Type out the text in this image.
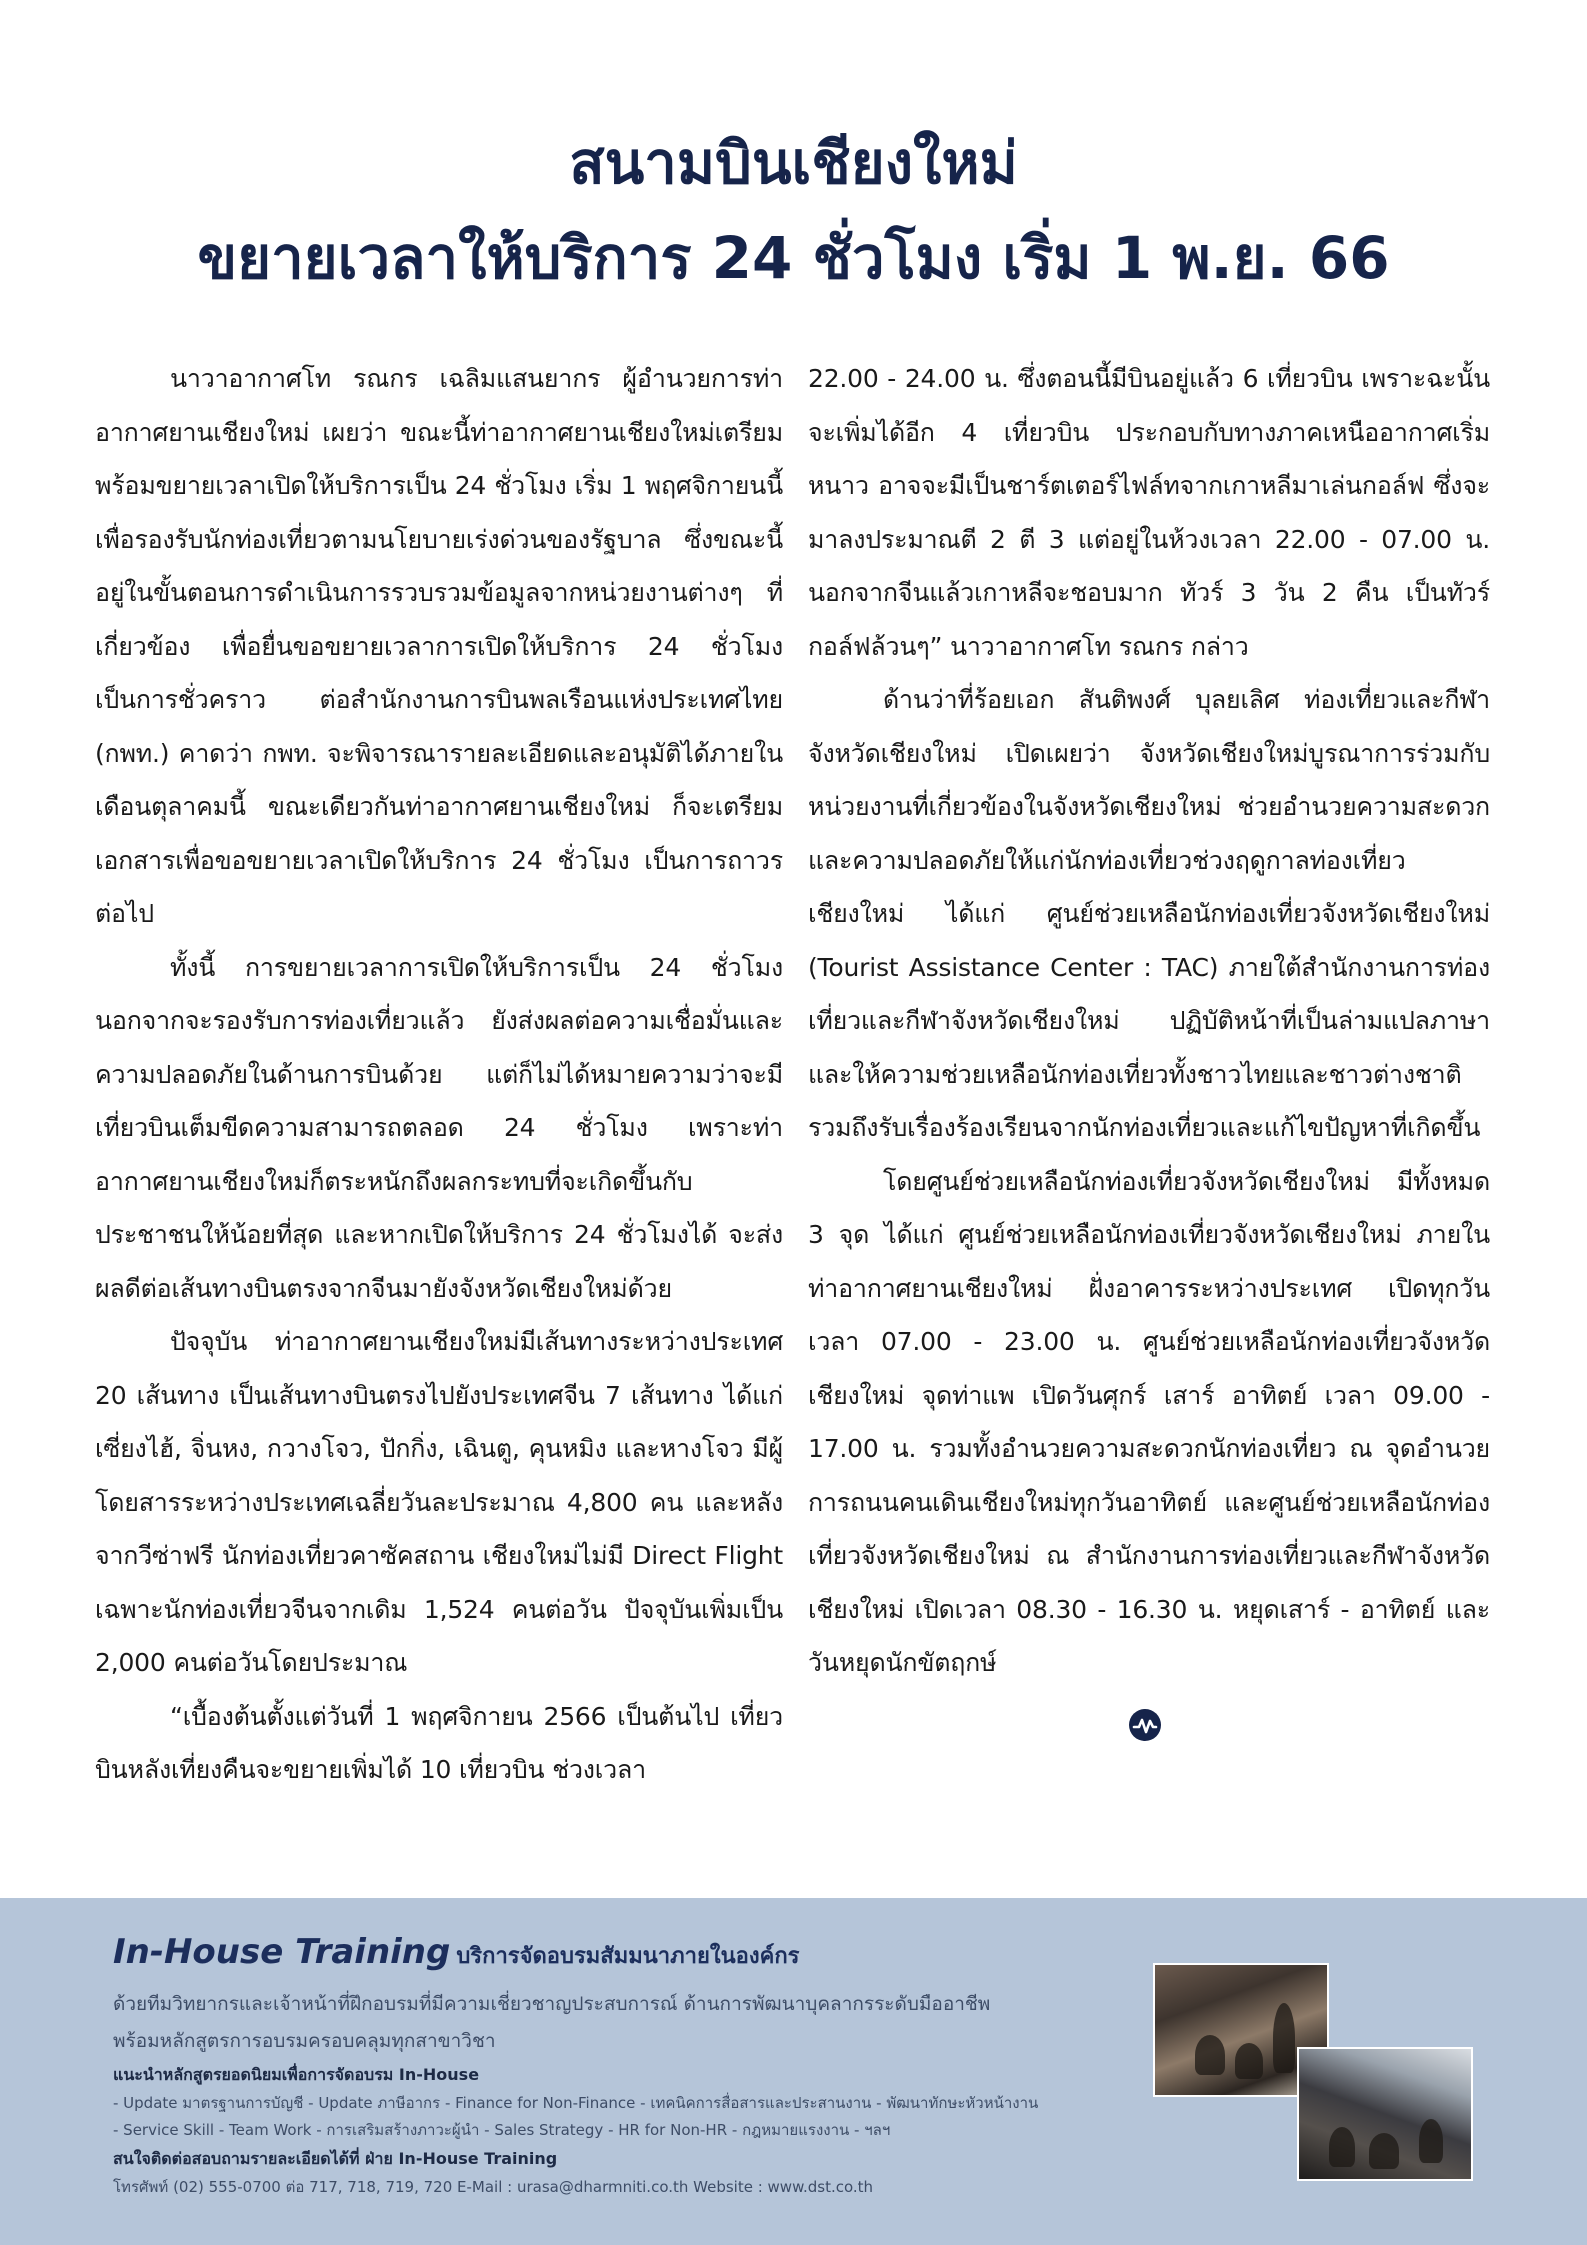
สนามบินเชียงใหม่
ขยายเวลาให้บริการ 24 ชั่วโมง เริ่ม 1 พ.ย. 66

นาวาอากาศโท รณกร เฉลิมแสนยากร ผู้อำนวยการท่าอากาศยานเชียงใหม่ เผยว่า ขณะนี้ท่าอากาศยานเชียงใหม่เตรียมพร้อมขยายเวลาเปิดให้บริการเป็น 24 ชั่วโมง เริ่ม 1 พฤศจิกายนนี้ เพื่อรองรับนักท่องเที่ยวตามนโยบายเร่งด่วนของรัฐบาล ซึ่งขณะนี้อยู่ในขั้นตอนการดำเนินการรวบรวมข้อมูลจากหน่วยงานต่างๆ ที่เกี่ยวข้อง เพื่อยื่นขอขยายเวลาการเปิดให้บริการ 24 ชั่วโมง เป็นการชั่วคราว ต่อสำนักงานการบินพลเรือนแห่งประเทศไทย (กพท.) คาดว่า กพท. จะพิจารณารายละเอียดและอนุมัติได้ภายในเดือนตุลาคมนี้ ขณะเดียวกันท่าอากาศยานเชียงใหม่ ก็จะเตรียมเอกสารเพื่อขอขยายเวลาเปิดให้บริการ 24 ชั่วโมง เป็นการถาวรต่อไป

ทั้งนี้ การขยายเวลาการเปิดให้บริการเป็น 24 ชั่วโมง นอกจากจะรองรับการท่องเที่ยวแล้ว ยังส่งผลต่อความเชื่อมั่นและความปลอดภัยในด้านการบินด้วย แต่ก็ไม่ได้หมายความว่าจะมีเที่ยวบินเต็มขีดความสามารถตลอด 24 ชั่วโมง เพราะท่าอากาศยานเชียงใหม่ก็ตระหนักถึงผลกระทบที่จะเกิดขึ้นกับประชาชนให้น้อยที่สุด และหากเปิดให้บริการ 24 ชั่วโมงได้ จะส่งผลดีต่อเส้นทางบินตรงจากจีนมายังจังหวัดเชียงใหม่ด้วย

ปัจจุบัน ท่าอากาศยานเชียงใหม่มีเส้นทางระหว่างประเทศ 20 เส้นทาง เป็นเส้นทางบินตรงไปยังประเทศจีน 7 เส้นทาง ได้แก่ เซี่ยงไฮ้, จิ่นหง, กวางโจว, ปักกิ่ง, เฉินตู, คุนหมิง และหางโจว มีผู้โดยสารระหว่างประเทศเฉลี่ยวันละประมาณ 4,800 คน และหลังจากวีซ่าฟรี นักท่องเที่ยวคาซัคสถาน เชียงใหม่ไม่มี Direct Flight เฉพาะนักท่องเที่ยวจีนจากเดิม 1,524 คนต่อวัน ปัจจุบันเพิ่มเป็น 2,000 คนต่อวันโดยประมาณ

“เบื้องต้นตั้งแต่วันที่ 1 พฤศจิกายน 2566 เป็นต้นไป เที่ยวบินหลังเที่ยงคืนจะขยายเพิ่มได้ 10 เที่ยวบิน ช่วงเวลา

22.00 - 24.00 น. ซึ่งตอนนี้มีบินอยู่แล้ว 6 เที่ยวบิน เพราะฉะนั้นจะเพิ่มได้อีก 4 เที่ยวบิน ประกอบกับทางภาคเหนืออากาศเริ่มหนาว อาจจะมีเป็นชาร์ตเตอร์ไฟล์ทจากเกาหลีมาเล่นกอล์ฟ ซึ่งจะมาลงประมาณตี 2 ตี 3 แต่อยู่ในห้วงเวลา 22.00 - 07.00 น. นอกจากจีนแล้วเกาหลีจะชอบมาก ทัวร์ 3 วัน 2 คืน เป็นทัวร์กอล์ฟล้วนๆ” นาวาอากาศโท รณกร กล่าว

ด้านว่าที่ร้อยเอก สันติพงศ์ บุลยเลิศ ท่องเที่ยวและกีฬาจังหวัดเชียงใหม่ เปิดเผยว่า จังหวัดเชียงใหม่บูรณาการร่วมกับหน่วยงานที่เกี่ยวข้องในจังหวัดเชียงใหม่ ช่วยอำนวยความสะดวกและความปลอดภัยให้แก่นักท่องเที่ยวช่วงฤดูกาลท่องเที่ยวเชียงใหม่ ได้แก่ ศูนย์ช่วยเหลือนักท่องเที่ยวจังหวัดเชียงใหม่ (Tourist Assistance Center : TAC) ภายใต้สำนักงานการท่องเที่ยวและกีฬาจังหวัดเชียงใหม่ ปฏิบัติหน้าที่เป็นล่ามแปลภาษา และให้ความช่วยเหลือนักท่องเที่ยวทั้งชาวไทยและชาวต่างชาติ รวมถึงรับเรื่องร้องเรียนจากนักท่องเที่ยวและแก้ไขปัญหาที่เกิดขึ้น

โดยศูนย์ช่วยเหลือนักท่องเที่ยวจังหวัดเชียงใหม่ มีทั้งหมด 3 จุด ได้แก่ ศูนย์ช่วยเหลือนักท่องเที่ยวจังหวัดเชียงใหม่ ภายในท่าอากาศยานเชียงใหม่ ฝั่งอาคารระหว่างประเทศ เปิดทุกวัน เวลา 07.00 - 23.00 น. ศูนย์ช่วยเหลือนักท่องเที่ยวจังหวัดเชียงใหม่ จุดท่าแพ เปิดวันศุกร์ เสาร์ อาทิตย์ เวลา 09.00 - 17.00 น. รวมทั้งอำนวยความสะดวกนักท่องเที่ยว ณ จุดอำนวยการถนนคนเดินเชียงใหม่ทุกวันอาทิตย์ และศูนย์ช่วยเหลือนักท่องเที่ยวจังหวัดเชียงใหม่ ณ สำนักงานการท่องเที่ยวและกีฬาจังหวัดเชียงใหม่ เปิดเวลา 08.30 - 16.30 น. หยุดเสาร์ - อาทิตย์ และวันหยุดนักขัตฤกษ์

In-House Training บริการจัดอบรมสัมมนาภายในองค์กร
ด้วยทีมวิทยากรและเจ้าหน้าที่ฝึกอบรมที่มีความเชี่ยวชาญประสบการณ์ ด้านการพัฒนาบุคลากรระดับมืออาชีพ
พร้อมหลักสูตรการอบรมครอบคลุมทุกสาขาวิชา
แนะนำหลักสูตรยอดนิยมเพื่อการจัดอบรม In-House
- Update มาตรฐานการบัญชี - Update ภาษีอากร - Finance for Non-Finance - เทคนิคการสื่อสารและประสานงาน - พัฒนาทักษะหัวหน้างาน
- Service Skill - Team Work - การเสริมสร้างภาวะผู้นำ - Sales Strategy - HR for Non-HR - กฎหมายแรงงาน - ฯลฯ
สนใจติดต่อสอบถามรายละเอียดได้ที่ ฝ่าย In-House Training
โทรศัพท์ (02) 555-0700 ต่อ 717, 718, 719, 720 E-Mail : urasa@dharmniti.co.th Website : www.dst.co.th
